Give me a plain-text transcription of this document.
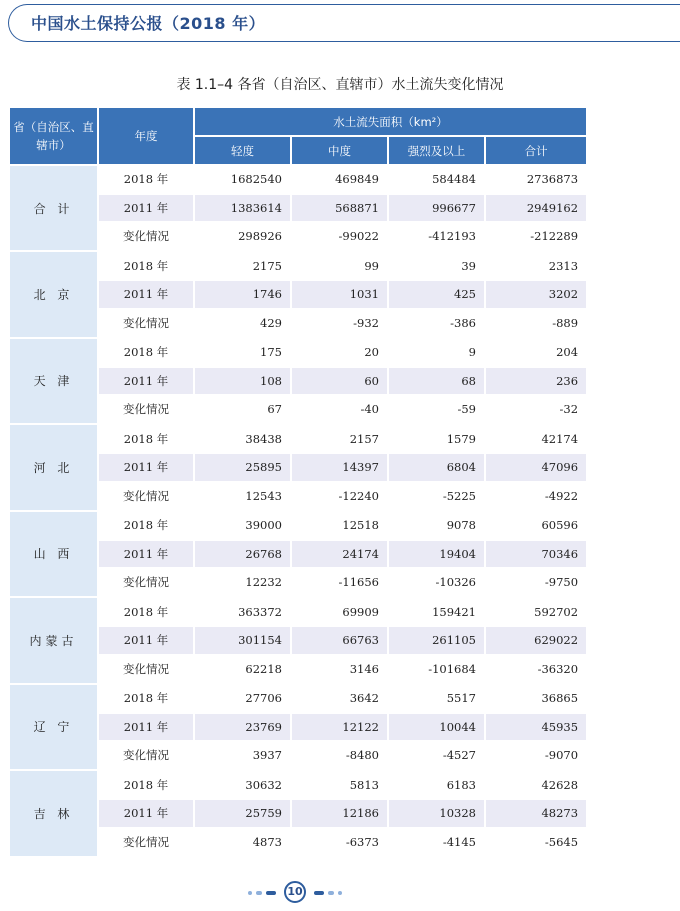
中国水土保持公报（2018 年）
表 1.1–4 各省（自治区、直辖市）水土流失变化情况
省（自治区、直辖市）	年度	水土流失面积（km²）			
		轻度	中度	强烈及以上	合计
合 计	2018 年	1682540	469849	584484	2736873
	2011 年	1383614	568871	996677	2949162
	变化情况	298926	-99022	-412193	-212289
北 京	2018 年	2175	99	39	2313
	2011 年	1746	1031	425	3202
	变化情况	429	-932	-386	-889
天 津	2018 年	175	20	9	204
	2011 年	108	60	68	236
	变化情况	67	-40	-59	-32
河 北	2018 年	38438	2157	1579	42174
	2011 年	25895	14397	6804	47096
	变化情况	12543	-12240	-5225	-4922
山 西	2018 年	39000	12518	9078	60596
	2011 年	26768	24174	19404	70346
	变化情况	12232	-11656	-10326	-9750
内蒙古	2018 年	363372	69909	159421	592702
	2011 年	301154	66763	261105	629022
	变化情况	62218	3146	-101684	-36320
辽 宁	2018 年	27706	3642	5517	36865
	2011 年	23769	12122	10044	45935
	变化情况	3937	-8480	-4527	-9070
吉 林	2018 年	30632	5813	6183	42628
	2011 年	25759	12186	10328	48273
	变化情况	4873	-6373	-4145	-5645
10
